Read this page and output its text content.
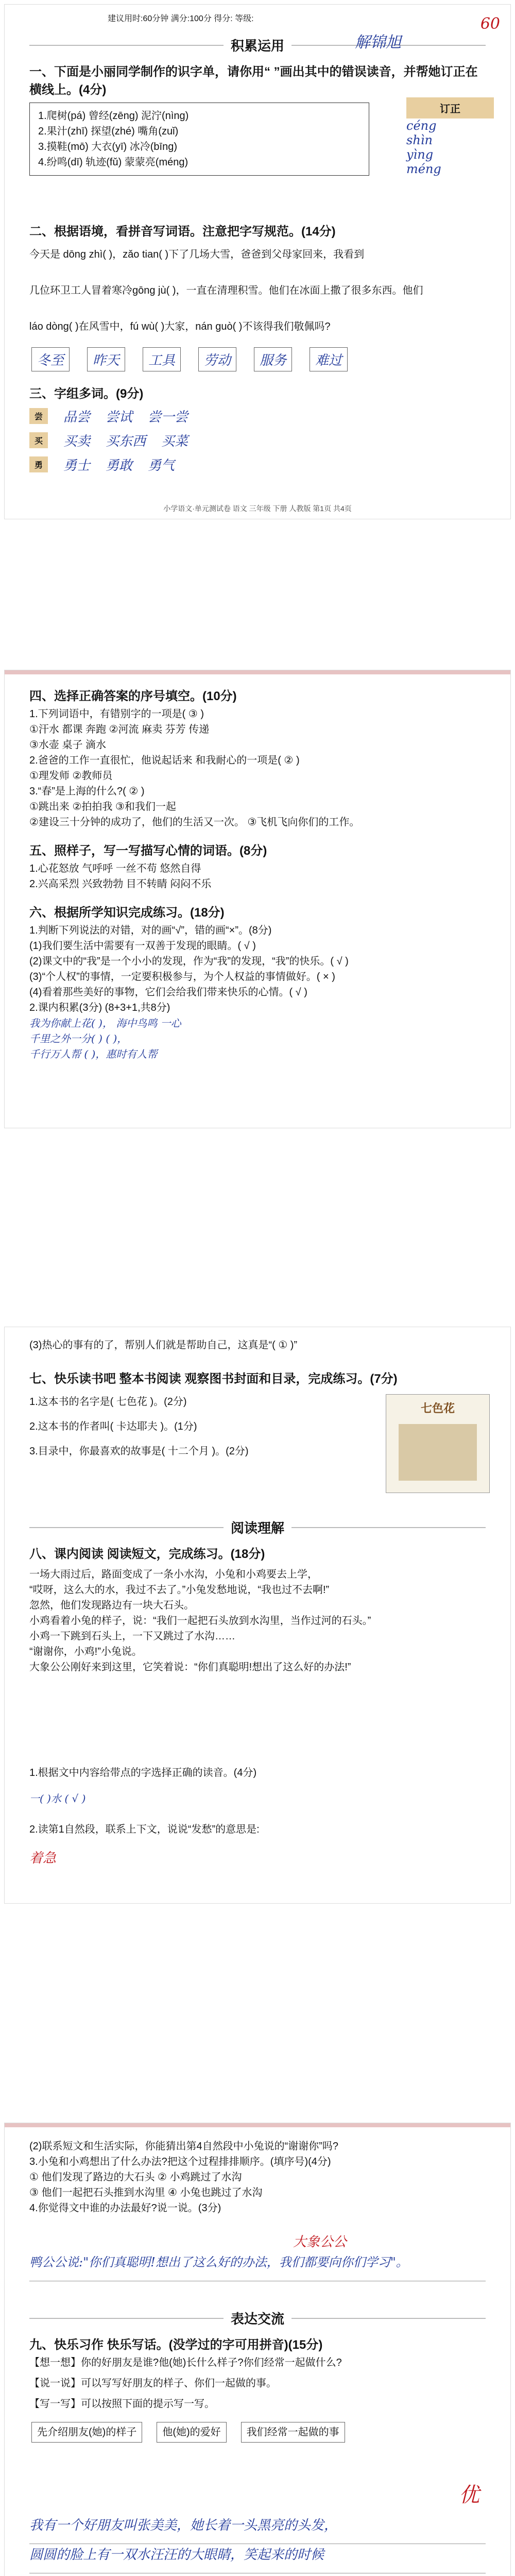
建议用时:60分钟 满分:100分 得分: 等级:	60
积累运用	解锦旭
一、下面是小丽同学制作的识字单，请你用“ ”画出其中的错误读音，并帮她订正在横线上。(4分)
1.爬树(pá) 曾经(zēng) 泥泞(nìng)
2.果汁(zhī) 探望(zhé) 嘴角(zuǐ)
3.摸鞋(mō) 大衣(yī) 冰冷(bīng)
4.纷鸣(dī) 轨迹(fǔ) 蒙蒙亮(méng)
订正
céng
shìn
yìng
méng
二、根据语境，看拼音写词语。注意把字写规范。(14分)
今天是 dōng zhì( )，zǎo tian( )下了几场大雪，爸爸到父母家回来，我看到
几位环卫工人冒着寒冷gōng jù( )，一直在清理积雪。他们在冰面上撒了很多东西。他们
láo dòng( )在风雪中，fú wù( )大家，nán guò( )不该得我们敬佩吗?
冬至	昨天	工具	劳动	服务	难过
三、字组多词。(9分)
尝	品尝 尝试 尝一尝
买	买卖 买东西 买菜
勇	勇士 勇敢 勇气
小学语文·单元测试卷 语文 三年级 下册 人教版 第1页 共4页
四、选择正确答案的序号填空。(10分)
1.下列词语中，有错别字的一项是( ③ )
①汗水 都课 奔跑 ②河流 麻卖 芬芳 传递
③水壶 桌子 滴水
2.爸爸的工作一直很忙，他说起话来 和我耐心的一项是( ② )
①理发师 ②教师员
3.“春”是上海的什么?( ② )
①跳出来 ②拍拍我 ③和我们一起
②建设三十分钟的成功了，他们的生活又一次。 ③飞机飞向你们的工作。
五、照样子，写一写描写心情的词语。(8分)
1.心花怒放 气呼呼 一丝不苟 悠然自得
2.兴高采烈 兴致勃勃 目不转睛 闷闷不乐
六、根据所学知识完成练习。(18分)
1.判断下列说法的对错，对的画“√”，错的画“×”。(8分)
(1)我们要生活中需要有一双善于发现的眼睛。( √ )
(2)课文中的“我”是一个小小的发现，作为“我”的发现，“我”的快乐。( √ )
(3)“个人权”的事情，一定要积极参与，为个人权益的事情做好。( × )
(4)看着那些美好的事物，它们会给我们带来快乐的心情。( √ )
2.课内积累(3分) (8+3+1,共8分)
我为你献上花( )， 海中鸟鸣 一心
千里之外一分( ) ( )，
千行万人帮 ( )，惠时有人帮
(3)热心的事有的了，帮别人们就是帮助自己，这真是“( ① )”
七、快乐读书吧 整本书阅读 观察图书封面和目录，完成练习。(7分)
1.这本书的名字是( 七色花 )。(2分)
2.这本书的作者叫( 卡达耶夫 )。(1分)
3.目录中，你最喜欢的故事是( 十二个月 )。(2分)
七色花
阅读理解
八、课内阅读 阅读短文，完成练习。(18分)
一场大雨过后，路面变成了一条小水沟，小兔和小鸡要去上学，
“哎呀，这么大的水，我过不去了。”小兔发愁地说，“我也过不去啊!”
忽然，他们发现路边有一块大石头。
小鸡看着小兔的样子，说：“我们一起把石头放到水沟里，当作过河的石头。”
小鸡一下跳到石头上，一下又跳过了水沟……
“谢谢你，小鸡!”小兔说。
大象公公刚好来到这里，它笑着说：“你们真聪明!想出了这么好的办法!”
1.根据文中内容给带点的字选择正确的读音。(4分)
一( )水 ( √ )
2.读第1自然段，联系上下文，说说“发愁”的意思是:
着急
(2)联系短文和生活实际，你能猜出第4自然段中小兔说的“谢谢你”吗?
3.小兔和小鸡想出了什么办法?把这个过程排排顺序。(填序号)(4分)
① 他们发现了路边的大石头 ② 小鸡跳过了水沟
③ 他们一起把石头推到水沟里 ④ 小兔也跳过了水沟
4.你觉得文中谁的办法最好?说一说。(3分)
大象公公
鸭公公说:"你们真聪明!想出了这么好的办法，我们都要向你们学习"。
表达交流
九、快乐习作 快乐写话。(没学过的字可用拼音)(15分)
【想一想】你的好朋友是谁?他(她)长什么样子?你们经常一起做什么?
【说一说】可以写写好朋友的样子、你们一起做的事。
【写一写】可以按照下面的提示写一写。
先介绍朋友(她)的样子	他(她)的爱好	我们经常一起做的事
优
我有一个好朋友叫张美美，她长着一头黑亮的头发，
圆圆的脸上有一双水汪汪的大眼睛，笑起来的时候
